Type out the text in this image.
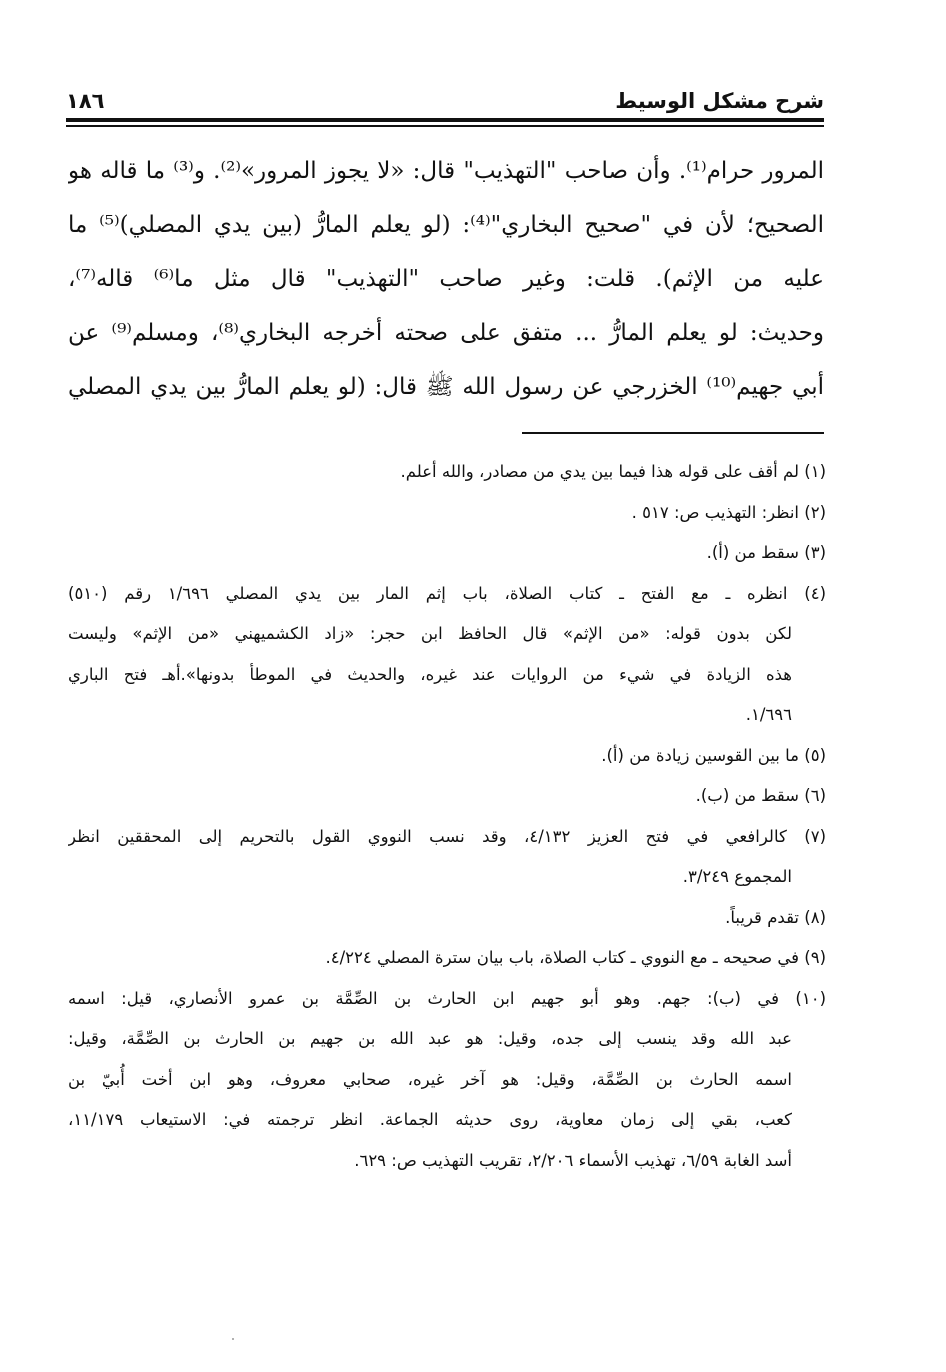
شرح مشكل الوسيط
١٨٦
المرور حرام⁽¹⁾. وأن صاحب "التهذيب" قال: «لا يجوز المرور»⁽²⁾. و⁽³⁾ ما قاله هو
الصحيح؛ لأن في "صحيح البخاري"⁽⁴⁾: (لو يعلم المارُّ (بين يدي المصلي)⁽⁵⁾ ما
عليه من الإثم). قلت: وغير صاحب "التهذيب" قال مثل ما⁽⁶⁾ قاله⁽⁷⁾،
وحديث: لو يعلم المارُّ ... متفق على صحته أخرجه البخاري⁽⁸⁾، ومسلم⁽⁹⁾ عن
أبي جهيم⁽¹⁰⁾ الخزرجي عن رسول الله ﷺ قال: (لو يعلم المارُّ بين يدي المصلي
(١) لم أقف على قوله هذا فيما بين يدي من مصادر، والله أعلم.
(٢) انظر: التهذيب ص: ٥١٧ .
(٣) سقط من (أ).
(٤) انظره ـ مع الفتح ـ كتاب الصلاة، باب إثم المار بين يدي المصلي ١/٦٩٦ رقم (٥١٠)
لكن بدون قوله: «من الإثم» قال الحافظ ابن حجر: «زاد الكشميهني «من الإثم» وليست
هذه الزيادة في شيء من الروايات عند غيره، والحديث في الموطأ بدونها».أهـ فتح الباري
١/٦٩٦.
(٥) ما بين القوسين زيادة من (أ).
(٦) سقط من (ب).
(٧) كالرافعي في فتح العزيز ٤/١٣٢، وقد نسب النووي القول بالتحريم إلى المحققين انظر
المجموع ٣/٢٤٩.
(٨) تقدم قريباً.
(٩) في صحيحه ـ مع النووي ـ كتاب الصلاة، باب بيان سترة المصلي ٤/٢٢٤.
(١٠) في (ب): جهم. وهو أبو جهيم ابن الحارث بن الصِّمَّة بن عمرو الأنصاري، قيل: اسمه
عبد الله وقد ينسب إلى جده، وقيل: هو عبد الله بن جهيم بن الحارث بن الصِّمَّة، وقيل:
اسمه الحارث بن الصِّمَّة، وقيل: هو آخر غيره، صحابي معروف، وهو ابن أخت أُبيّ بن
كعب، بقي إلى زمان معاوية، روى حديثه الجماعة. انظر ترجمته في: الاستيعاب ١١/١٧٩،
أسد الغابة ٦/٥٩، تهذيب الأسماء ٢/٢٠٦، تقريب التهذيب ص: ٦٢٩.
